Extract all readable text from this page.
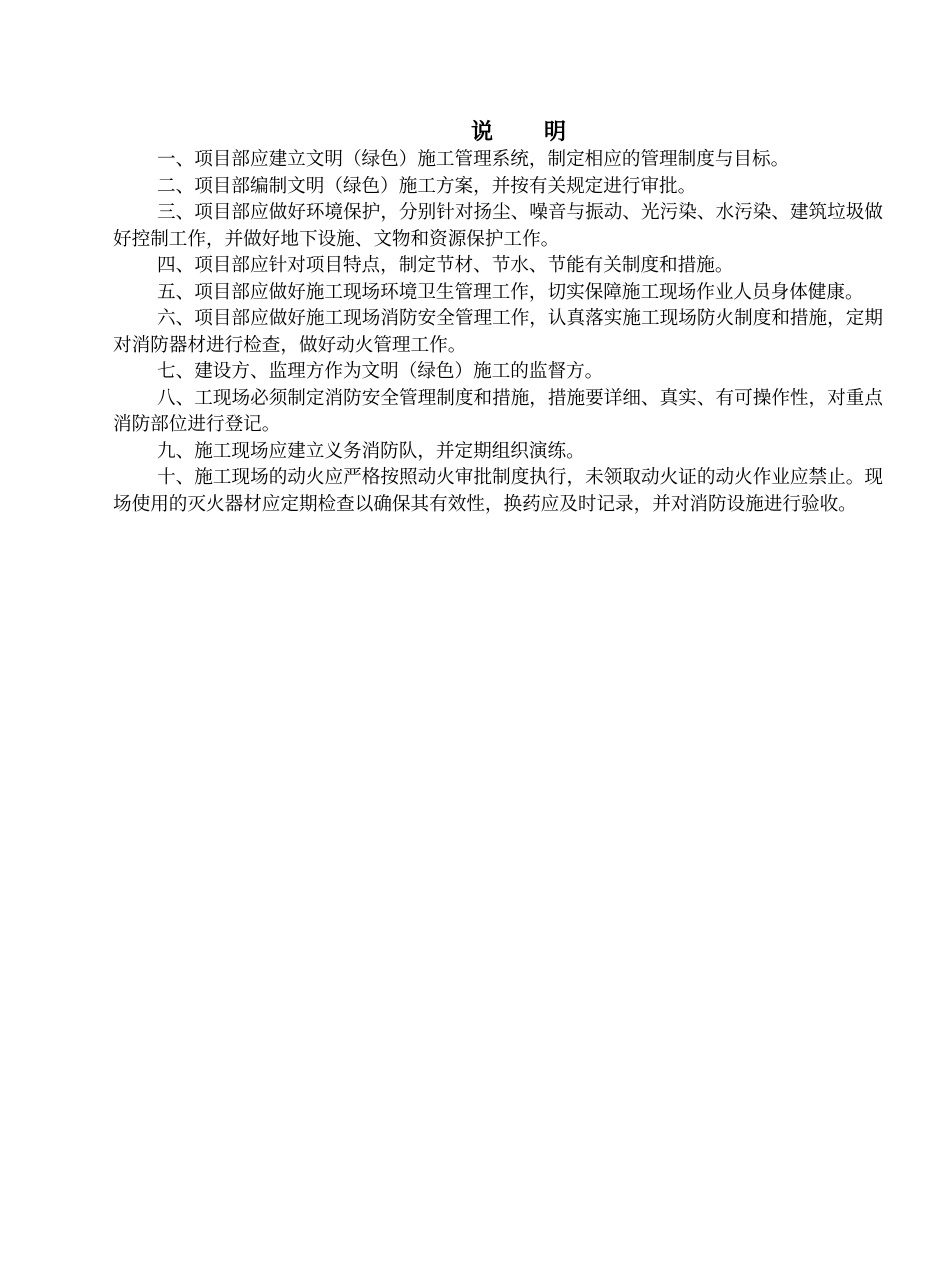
说 明

一、项目部应建立文明（绿色）施工管理系统，制定相应的管理制度与目标。

二、项目部编制文明（绿色）施工方案，并按有关规定进行审批。

三、项目部应做好环境保护，分别针对扬尘、噪音与振动、光污染、水污染、建筑垃圾做好控制工作，并做好地下设施、文物和资源保护工作。

四、项目部应针对项目特点，制定节材、节水、节能有关制度和措施。

五、项目部应做好施工现场环境卫生管理工作，切实保障施工现场作业人员身体健康。

六、项目部应做好施工现场消防安全管理工作，认真落实施工现场防火制度和措施，定期对消防器材进行检查，做好动火管理工作。

七、建设方、监理方作为文明（绿色）施工的监督方。

八、工现场必须制定消防安全管理制度和措施，措施要详细、真实、有可操作性，对重点消防部位进行登记。

九、施工现场应建立义务消防队，并定期组织演练。

十、施工现场的动火应严格按照动火审批制度执行，未领取动火证的动火作业应禁止。现场使用的灭火器材应定期检查以确保其有效性，换药应及时记录，并对消防设施进行验收。
